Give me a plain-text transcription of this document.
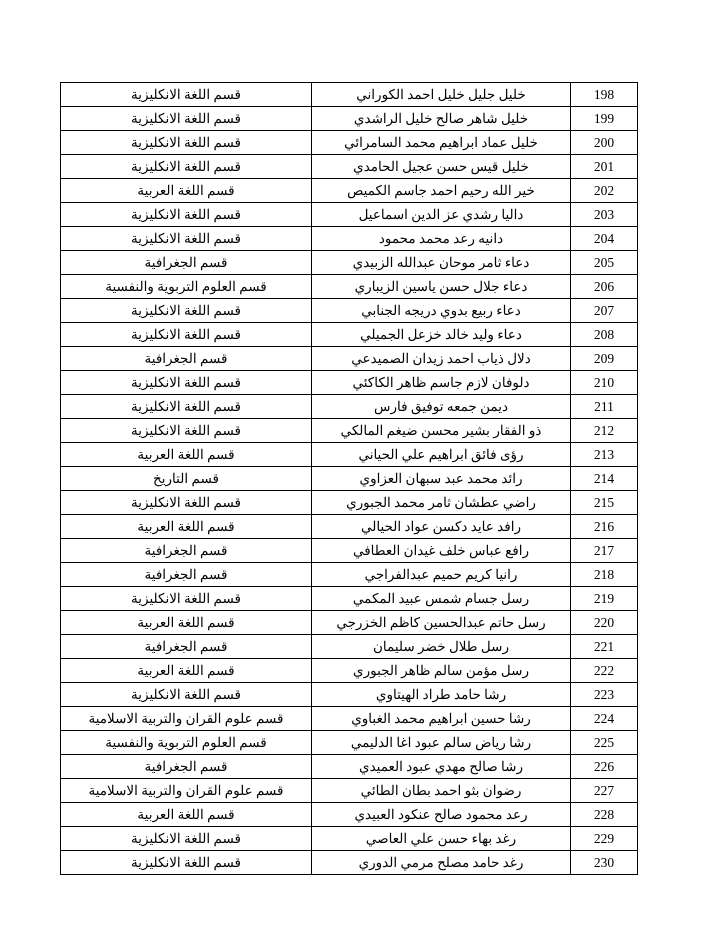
198	خليل جليل خليل احمد الكوراني	قسم اللغة الانكليزية
199	خليل شاهر صالح خليل الراشدي	قسم اللغة الانكليزية
200	خليل عماد ابراهيم محمد السامرائي	قسم اللغة الانكليزية
201	خليل قيس حسن عجيل الحامدي	قسم اللغة الانكليزية
202	خير الله رحيم احمد جاسم الكميص	قسم اللغة العربية
203	داليا رشدي عز الدين اسماعيل	قسم اللغة الانكليزية
204	دانيه رعد محمد محمود	قسم اللغة الانكليزية
205	دعاء ثامر موحان عبدالله الزبيدي	قسم الجغرافية
206	دعاء جلال حسن ياسين الزيباري	قسم العلوم التربوية والنفسية
207	دعاء ربيع بدوي دريجه الجنابي	قسم اللغة الانكليزية
208	دعاء وليد خالد خزعل الجميلي	قسم اللغة الانكليزية
209	دلال ذياب احمد زيدان الصميدعي	قسم الجغرافية
210	دلوفان لازم جاسم ظاهر الكاكئي	قسم اللغة الانكليزية
211	ديمن جمعه توفيق فارس	قسم اللغة الانكليزية
212	ذو الفقار بشير محسن ضيغم المالكي	قسم اللغة الانكليزية
213	رؤى فائق ابراهيم علي الحياني	قسم اللغة العربية
214	رائد محمد عبد سبهان العزاوي	قسم التاريخ
215	راضي عطشان ثامر محمد الجبوري	قسم اللغة الانكليزية
216	رافد عايد دكسن عواد الحيالي	قسم اللغة العربية
217	رافع عباس خلف غيدان العطافي	قسم الجغرافية
218	رانيا كريم حميم عبدالفراجي	قسم الجغرافية
219	رسل جسام شمس عبيد المكمي	قسم اللغة الانكليزية
220	رسل حاتم عبدالحسين كاظم الخزرجي	قسم اللغة العربية
221	رسل طلال خضر سليمان	قسم الجغرافية
222	رسل مؤمن سالم ظاهر الجبوري	قسم اللغة العربية
223	رشا حامد طراد الهيتاوي	قسم اللغة الانكليزية
224	رشا حسين ابراهيم محمد الغباوي	قسم علوم القران والتربية الاسلامية
225	رشا رياض سالم عبود اغا الدليمي	قسم العلوم التربوية والنفسية
226	رشا صالح مهدي عبود العميدي	قسم الجغرافية
227	رضوان بثو احمد بطان الطائي	قسم علوم القران والتربية الاسلامية
228	رعد محمود صالح عنكود العبيدي	قسم اللغة العربية
229	رغد بهاء حسن علي العاصي	قسم اللغة الانكليزية
230	رغد حامد مصلح مرمي الدوري	قسم اللغة الانكليزية
